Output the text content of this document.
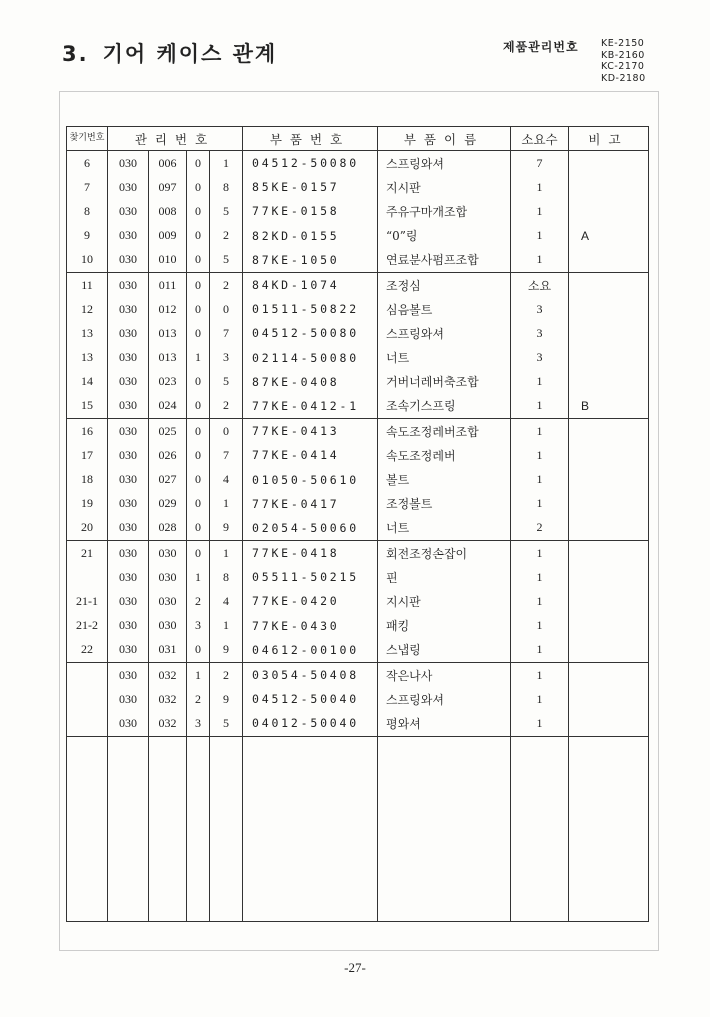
3. 기어 케이스 관계	제품관리번호 KE-2150
KB-2160
KC-2170
KD-2180
찾기번호	관리번호				부품번호	부품이름	소요수	비고
6	030	006	0	1	04512-50080	스프링와셔	7	
7	030	097	0	8	85KE-0157	지시판	1	
8	030	008	0	5	77KE-0158	주유구마개조합	1	
9	030	009	0	2	82KD-0155	“0”링	1	A
10	030	010	0	5	87KE-1050	연료분사펌프조합	1	
11	030	011	0	2	84KD-1074	조정심	소요	
12	030	012	0	0	01511-50822	심음볼트	3	
13	030	013	0	7	04512-50080	스프링와셔	3	
13	030	013	1	3	02114-50080	너트	3	
14	030	023	0	5	87KE-0408	거버너레버축조합	1	
15	030	024	0	2	77KE-0412-1	조속기스프링	1	B
16	030	025	0	0	77KE-0413	속도조정레버조합	1	
17	030	026	0	7	77KE-0414	속도조정레버	1	
18	030	027	0	4	01050-50610	볼트	1	
19	030	029	0	1	77KE-0417	조정볼트	1	
20	030	028	0	9	02054-50060	너트	2	
21	030	030	0	1	77KE-0418	회전조정손잡이	1	
	030	030	1	8	05511-50215	핀	1	
21-1	030	030	2	4	77KE-0420	지시판	1	
21-2	030	030	3	1	77KE-0430	패킹	1	
22	030	031	0	9	04612-00100	스냅링	1	
	030	032	1	2	03054-50408	작은나사	1	
	030	032	2	9	04512-50040	스프링와셔	1	
	030	032	3	5	04012-50040	평와셔	1	

-27-
